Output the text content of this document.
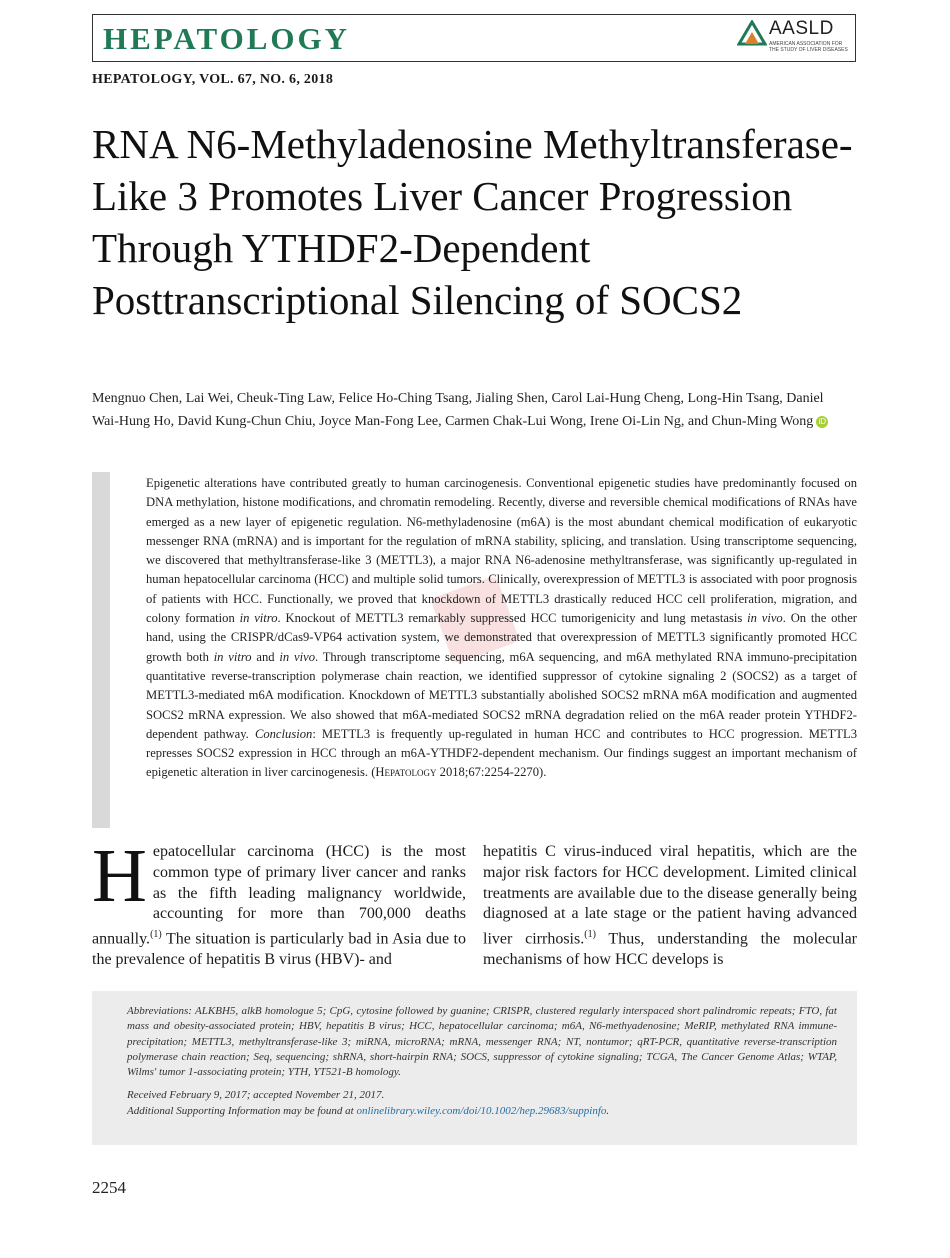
HEPATOLOGY	AASLD
AMERICAN ASSOCIATION FOR THE STUDY OF LIVER DISEASES
HEPATOLOGY, VOL. 67, NO. 6, 2018
RNA N6-Methyladenosine Methyltransferase-Like 3 Promotes Liver Cancer Progression Through YTHDF2-Dependent Posttranscriptional Silencing of SOCS2
Mengnuo Chen, Lai Wei, Cheuk-Ting Law, Felice Ho-Ching Tsang, Jialing Shen, Carol Lai-Hung Cheng, Long-Hin Tsang, Daniel Wai-Hung Ho, David Kung-Chun Chiu, Joyce Man-Fong Lee, Carmen Chak-Lui Wong, Irene Oi-Lin Ng, and Chun-Ming Wong iD
Epigenetic alterations have contributed greatly to human carcinogenesis. Conventional epigenetic studies have predominantly focused on DNA methylation, histone modifications, and chromatin remodeling. Recently, diverse and reversible chemical modifications of RNAs have emerged as a new layer of epigenetic regulation. N6-methyladenosine (m6A) is the most abundant chemical modification of eukaryotic messenger RNA (mRNA) and is important for the regulation of mRNA stability, splicing, and translation. Using transcriptome sequencing, we discovered that methyltransferase-like 3 (METTL3), a major RNA N6-adenosine methyltransferase, was significantly up-regulated in human hepatocellular carcinoma (HCC) and multiple solid tumors. Clinically, overexpression of METTL3 is associated with poor prognosis of patients with HCC. Functionally, we proved that knockdown of METTL3 drastically reduced HCC cell proliferation, migration, and colony formation in vitro. Knockout of METTL3 remarkably suppressed HCC tumorigenicity and lung metastasis in vivo. On the other hand, using the CRISPR/dCas9-VP64 activation system, we demonstrated that overexpression of METTL3 significantly promoted HCC growth both in vitro and in vivo. Through transcriptome sequencing, m6A sequencing, and m6A methylated RNA immuno-precipitation quantitative reverse-transcription polymerase chain reaction, we identified suppressor of cytokine signaling 2 (SOCS2) as a target of METTL3-mediated m6A modification. Knockdown of METTL3 substantially abolished SOCS2 mRNA m6A modification and augmented SOCS2 mRNA expression. We also showed that m6A-mediated SOCS2 mRNA degradation relied on the m6A reader protein YTHDF2-dependent pathway. Conclusion: METTL3 is frequently up-regulated in human HCC and contributes to HCC progression. METTL3 represses SOCS2 expression in HCC through an m6A-YTHDF2-dependent mechanism. Our findings suggest an important mechanism of epigenetic alteration in liver carcinogenesis. (Hepatology 2018;67:2254-2270).
Hepatocellular carcinoma (HCC) is the most common type of primary liver cancer and ranks as the fifth leading malignancy worldwide, accounting for more than 700,000 deaths annually.$^{(1)}$ The situation is particularly bad in Asia due to the prevalence of hepatitis B virus (HBV)- and
hepatitis C virus-induced viral hepatitis, which are the major risk factors for HCC development. Limited clinical treatments are available due to the disease generally being diagnosed at a late stage or the patient having advanced liver cirrhosis.$^{(1)}$ Thus, understanding the molecular mechanisms of how HCC develops is

Abbreviations: ALKBH5, alkB homologue 5; CpG, cytosine followed by guanine; CRISPR, clustered regularly interspaced short palindromic repeats; FTO, fat mass and obesity-associated protein; HBV, hepatitis B virus; HCC, hepatocellular carcinoma; m6A, N6-methyadenosine; MeRIP, methylated RNA immune-precipitation; METTL3, methyltransferase-like 3; miRNA, microRNA; mRNA, messenger RNA; NT, nontumor; qRT-PCR, quantitative reverse-transcription polymerase chain reaction; Seq, sequencing; shRNA, short-hairpin RNA; SOCS, suppressor of cytokine signaling; TCGA, The Cancer Genome Atlas; WTAP, Wilms' tumor 1-associating protein; YTH, YT521-B homology.

Received February 9, 2017; accepted November 21, 2017.

Additional Supporting Information may be found at onlinelibrary.wiley.com/doi/10.1002/hep.29683/suppinfo.

2254
